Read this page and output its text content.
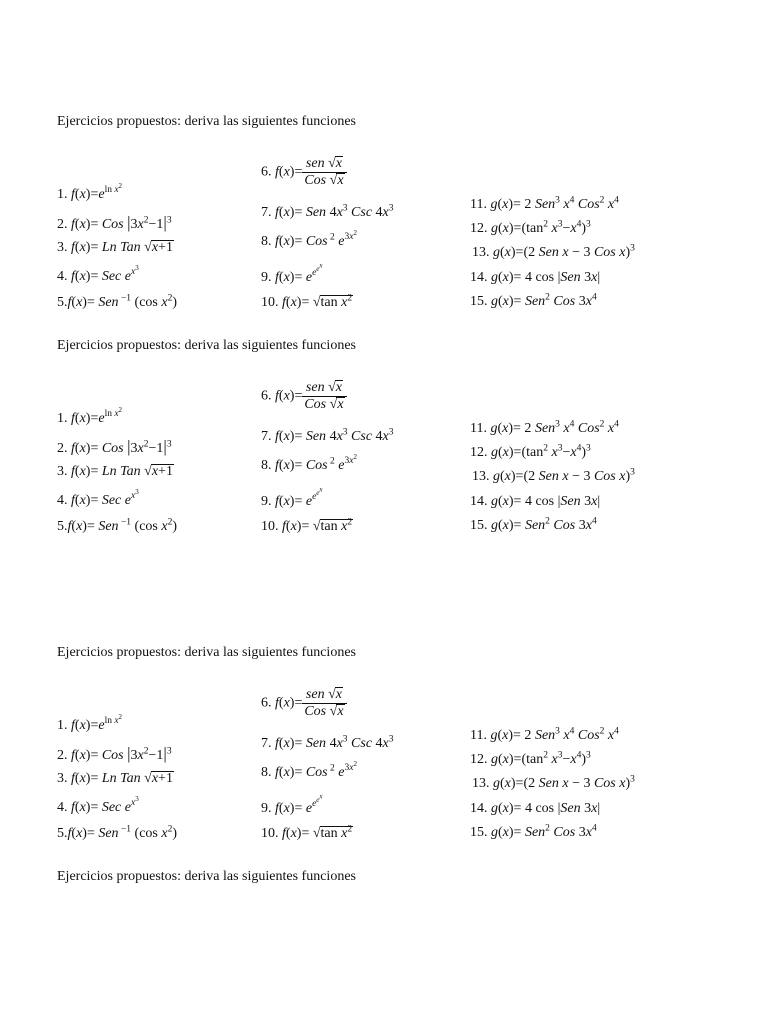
Ejercicios propuestos: deriva las siguientes funciones
Ejercicios propuestos: deriva las siguientes funciones
Ejercicios propuestos: deriva las siguientes funciones
Ejercicios propuestos: deriva las siguientes funciones
1. $f(x)=e^{ln x^2}$
2. f(x)= Cos $|3x^2-1|^3$
3. f(x)= Ln Tan √x+1
4. f(x)= Sec $e^{x^3}$
5.f(x)= Sen $^{-1}$ (cos $x^2$)
6. $f(x)= \frac{\text{sen √x}}{\text{Cos √x}}$
7. f(x)= Sen $4x^3$ Csc $4x^3$
8. f(x)= Cos $^2$ $e^{3x^2}$
9. $f(x)= e^{e^{e^x}}$
10. f(x)= √tan $x^2$
11. g(x)= 2 Sen$^3$ $x^4$ Cos$^2$ $x^4$
12. $g(x)=(\tan^2$ $x^3-x^4)^3$
13. g(x)=(2 Sen x − 3 Cos x)$^3$
14. g(x)= 4 cos |Sen 3x|
15. g(x)= Sen$^2$ Cos $3x^4$
1. $f(x)=e^{ln x^2}$
2. f(x)= Cos $|3x^2-1|^3$
3. f(x)= Ln Tan √x+1
4. f(x)= Sec $e^{x^3}$
5.f(x)= Sen $^{-1}$ (cos $x^2$)
6. $f(x)= \frac{\text{sen √x}}{\text{Cos √x}}$
7. f(x)= Sen $4x^3$ Csc $4x^3$
8. f(x)= Cos $^2$ $e^{3x^2}$
9. $f(x)= e^{e^{e^x}}$
10. f(x)= √tan $x^2$
11. g(x)= 2 Sen$^3$ $x^4$ Cos$^2$ $x^4$
12. $g(x)=(\tan^2$ $x^3-x^4)^3$
13. g(x)=(2 Sen x − 3 Cos x)$^3$
14. g(x)= 4 cos |Sen 3x|
15. g(x)= Sen$^2$ Cos $3x^4$
1. $f(x)=e^{ln x^2}$
2. f(x)= Cos $|3x^2-1|^3$
3. f(x)= Ln Tan √x+1
4. f(x)= Sec $e^{x^3}$
5.f(x)= Sen $^{-1}$ (cos $x^2$)
6. $f(x)= \frac{\text{sen √x}}{\text{Cos √x}}$
7. f(x)= Sen $4x^3$ Csc $4x^3$
8. f(x)= Cos $^2$ $e^{3x^2}$
9. $f(x)= e^{e^{e^x}}$
10. f(x)= √tan $x^2$
11. g(x)= 2 Sen$^3$ $x^4$ Cos$^2$ $x^4$
12. $g(x)=(\tan^2$ $x^3-x^4)^3$
13. g(x)=(2 Sen x − 3 Cos x)$^3$
14. g(x)= 4 cos |Sen 3x|
15. g(x)= Sen$^2$ Cos $3x^4$
